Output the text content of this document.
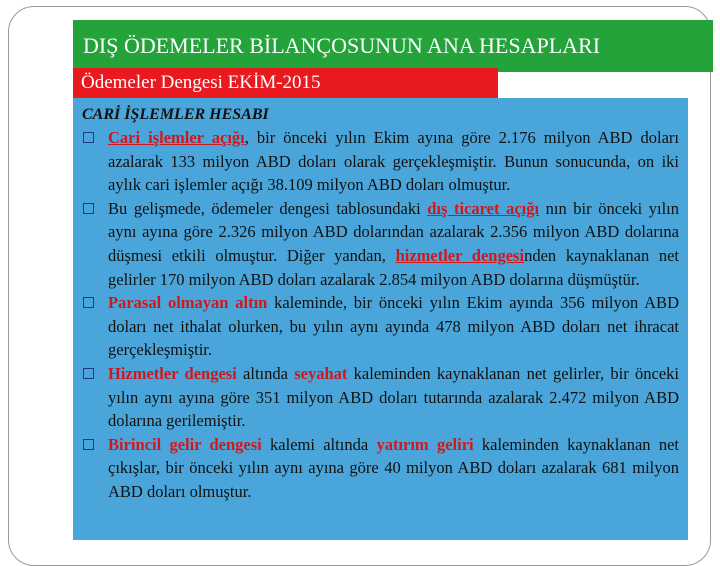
DIŞ ÖDEMELER BİLANÇOSUNUN ANA HESAPLARI
Ödemeler Dengesi EKİM-2015
CARİ İŞLEMLER HESABI
Cari işlemler açığı, bir önceki yılın Ekim ayına göre 2.176 milyon ABD doları azalarak 133 milyon ABD doları olarak gerçekleşmiştir. Bunun sonucunda, on iki aylık cari işlemler açığı 38.109 milyon ABD doları olmuştur.
Bu gelişmede, ödemeler dengesi tablosundaki dış ticaret açığı nın bir önceki yılın aynı ayına göre 2.326 milyon ABD dolarından azalarak 2.356 milyon ABD dolarına düşmesi etkili olmuştur. Diğer yandan, hizmetler dengesinden kaynaklanan net gelirler 170 milyon ABD doları azalarak 2.854 milyon ABD dolarına düşmüştür.
Parasal olmayan altın kaleminde, bir önceki yılın Ekim ayında 356 milyon ABD doları net ithalat olurken, bu yılın aynı ayında 478 milyon ABD doları net ihracat gerçekleşmiştir.
Hizmetler dengesi altında seyahat kaleminden kaynaklanan net gelirler, bir önceki yılın aynı ayına göre 351 milyon ABD doları tutarında azalarak 2.472 milyon ABD dolarına gerilemiştir.
Birincil gelir dengesi kalemi altında yatırım geliri kaleminden kaynaklanan net çıkışlar, bir önceki yılın aynı ayına göre 40 milyon ABD doları azalarak 681 milyon ABD doları olmuştur.
